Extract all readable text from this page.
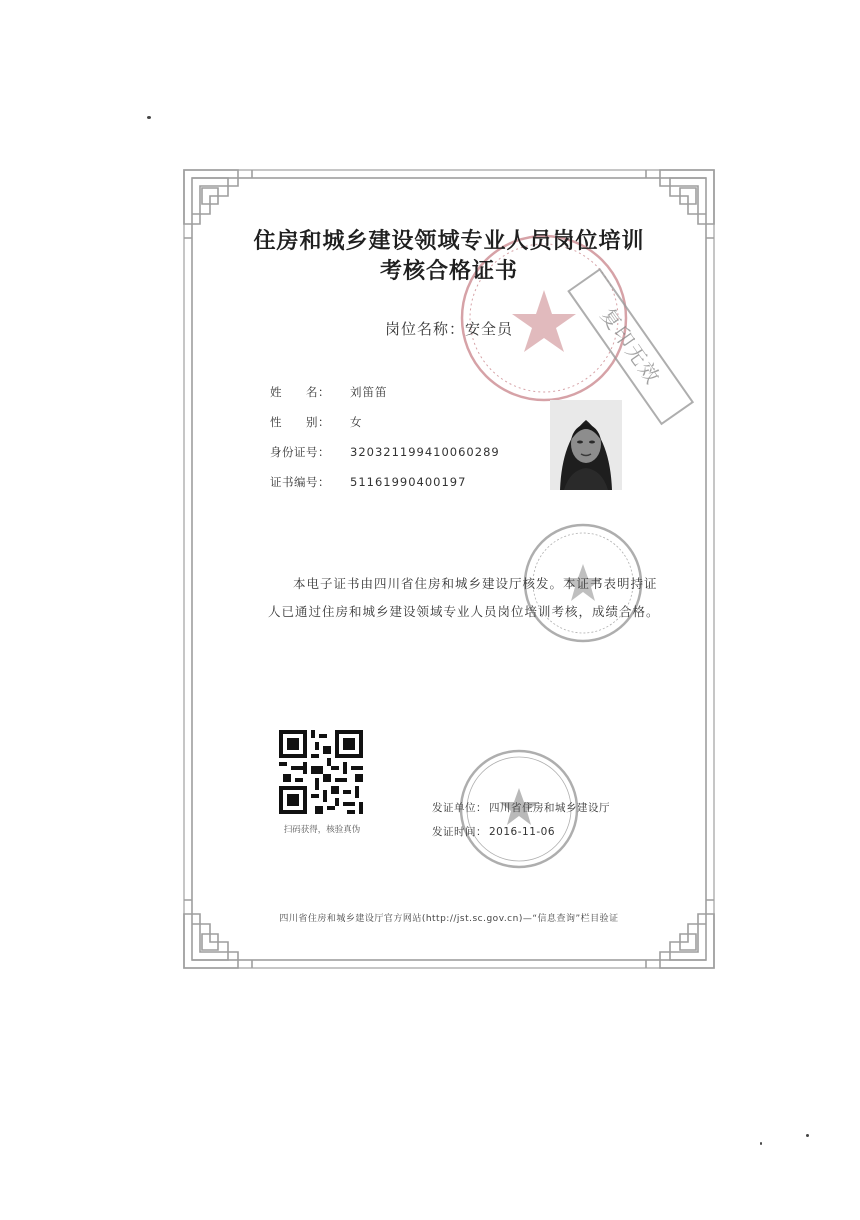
复印无效
住房和城乡建设领域专业人员岗位培训
考核合格证书
岗位名称：安全员
姓　　名： 刘笛笛
性　　别： 女
身份证号： 320321199410060289
证书编号： 51161990400197

本电子证书由四川省住房和城乡建设厅核发。本证书表明持证人已通过住房和城乡建设领域专业人员岗位培训考核，成绩合格。

扫码获得，核验真伪
发证单位： 四川省住房和城乡建设厅
发证时间： 2016-11-06
四川省住房和城乡建设厅官方网站(http://jst.sc.gov.cn)—“信息查询”栏目验证
